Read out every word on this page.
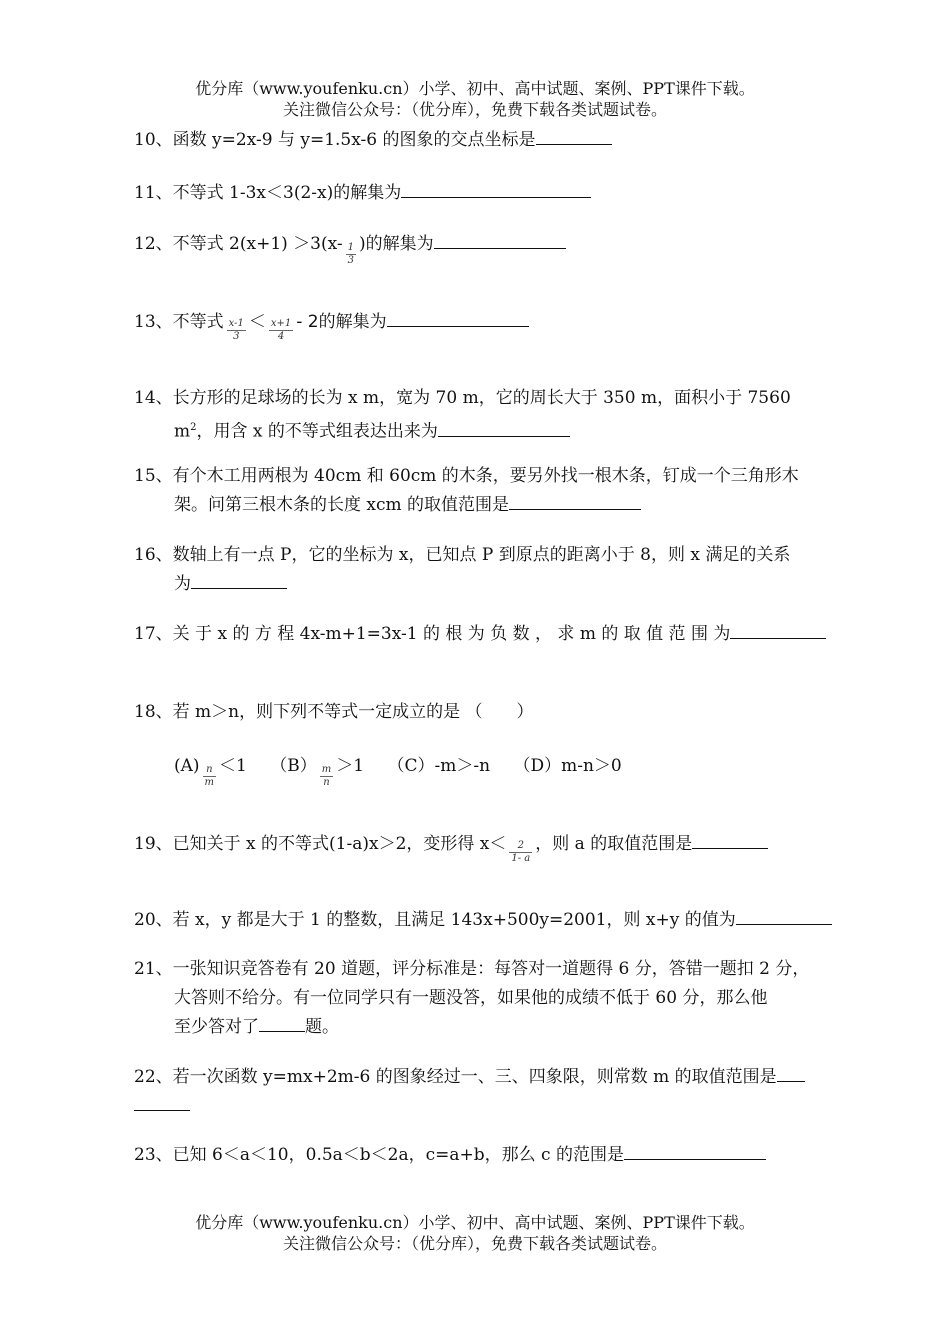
优分库（www.youfenku.cn）小学、初中、高中试题、案例、PPT课件下载。
关注微信公众号：（优分库），免费下载各类试题试卷。
10、函数 y=2x-9 与 y=1.5x-6 的图象的交点坐标是
11、不等式 1-3x＜3(2-x)的解集为
12、不等式 $2(x+1) >3(x- \frac{1}{3}$ )的解集为
13、不等式 $\frac{x-1}{3} < \frac{x+1}{4} - 2$的解集为
14、长方形的足球场的长为 x m，宽为 70 m，它的周长大于 350 m，面积小于 7560
$m^2$，用含 x 的不等式组表达出来为
15、有个木工用两根为 40cm 和 60cm 的木条，要另外找一根木条，钉成一个三角形木
架。问第三根木条的长度 xcm 的取值范围是
16、数轴上有一点 P，它的坐标为 x，已知点 P 到原点的距离小于 8，则 x 满足的关系
为
17、关 于 x 的 方 程 4x-m+1=3x-1 的 根 为 负 数 ， 求 m 的 取 值 范 围 为
18、若 m＞n，则下列不等式一定成立的是 （　　）
$(A) \frac{n}{m} <1$ $(B) \frac{m}{n} >1$ （C）-m＞-n （D）m-n＞0
19、已知关于 x 的不等式(1-a)x＞2，变形得 $x< \frac{2}{1- a}$ ，则 a 的取值范围是
20、若 x，y 都是大于 1 的整数，且满足 143x+500y=2001，则 x+y 的值为
21、一张知识竞答卷有 20 道题，评分标准是：每答对一道题得 6 分，答错一题扣 2 分，
大答则不给分。有一位同学只有一题没答，如果他的成绩不低于 60 分，那么他
至少答对了	题。
22、若一次函数 y=mx+2m-6 的图象经过一、三、四象限，则常数 m 的取值范围是

23、已知 6＜a＜10，0.5a＜b＜2a，c=a+b，那么 c 的范围是
优分库（www.youfenku.cn）小学、初中、高中试题、案例、PPT课件下载。
关注微信公众号：（优分库），免费下载各类试题试卷。
